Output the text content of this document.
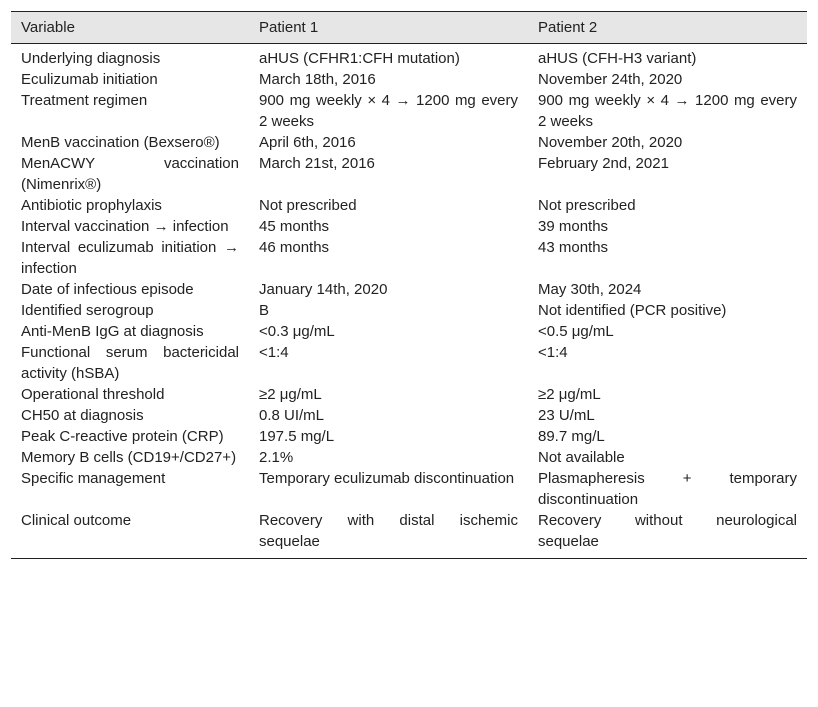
Variable	Patient 1	Patient 2
Underlying diagnosis	aHUS (CFHR1:CFH mutation)	aHUS (CFH-H3 variant)
Eculizumab initiation	March 18th, 2016	November 24th, 2020
Treatment regimen	900 mg weekly × 4 → 1200 mg every 2 weeks	900 mg weekly × 4 → 1200 mg every 2 weeks
MenB vaccination (Bexsero®)	April 6th, 2016	November 20th, 2020
MenACWY vaccination (Nimenrix®)	March 21st, 2016	February 2nd, 2021
Antibiotic prophylaxis	Not prescribed	Not prescribed
Interval vaccination → infection	45 months	39 months
Interval eculizumab initiation → infection	46 months	43 months
Date of infectious episode	January 14th, 2020	May 30th, 2024
Identified serogroup	B	Not identified (PCR positive)
Anti-MenB IgG at diagnosis	<0.3 μg/mL	<0.5 μg/mL
Functional serum bactericidal activity (hSBA)	<1:4	<1:4
Operational threshold	≥2 μg/mL	≥2 μg/mL
CH50 at diagnosis	0.8 UI/mL	23 U/mL
Peak C-reactive protein (CRP)	197.5 mg/L	89.7 mg/L
Memory B cells (CD19+/CD27+)	2.1%	Not available
Specific management	Temporary eculizumab discontinuation	Plasmapheresis + temporary discontinuation
Clinical outcome	Recovery with distal ischemic sequelae	Recovery without neurological sequelae
